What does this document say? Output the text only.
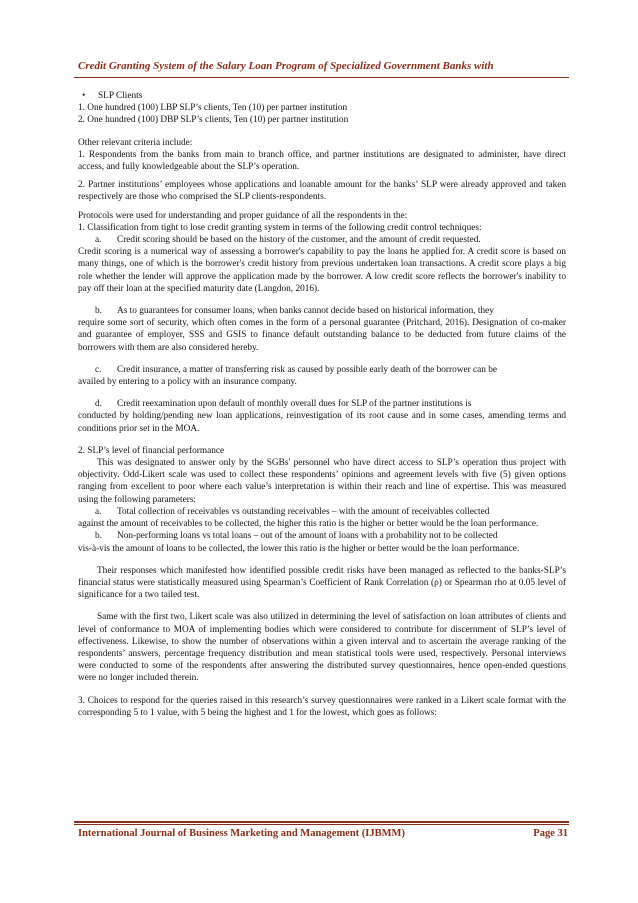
Credit Granting System of the Salary Loan Program of Specialized Government Banks with
•	SLP Clients

1. One hundred (100) LBP SLP’s clients, Ten (10) per partner institution

2. One hundred (100) DBP SLP’s clients, Ten (10) per partner institution

Other relevant criteria include:

1. Respondents from the banks from main to branch office, and partner institutions are designated to administer, have direct access, and fully knowledgeable about the SLP’s operation.

2. Partner institutions’ employees whose applications and loanable amount for the banks’ SLP were already approved and taken respectively are those who comprised the SLP clients-respondents.

Protocols were used for understanding and proper guidance of all the respondents in the:

1. Classification from tight to lose credit granting system in terms of the following credit control techniques:

a.	Credit scoring should be based on the history of the customer, and the amount of credit requested.

Credit scoring is a numerical way of assessing a borrower's capability to pay the loans he applied for. A credit score is based on many things, one of which is the borrower's credit history from previous undertaken loan transactions. A credit score plays a big role whether the lender will approve the application made by the borrower. A low credit score reflects the borrower's inability to pay off their loan at the specified maturity date (Langdon, 2016).

b.	As to guarantees for consumer loans, when banks cannot decide based on historical information, they

require some sort of security, which often comes in the form of a personal guarantee (Pritchard, 2016). Designation of co-maker and guarantee of employer, SSS and GSIS to finance default outstanding balance to be deducted from future claims of the borrowers with them are also considered hereby.

c.	Credit insurance, a matter of transferring risk as caused by possible early death of the borrower can be

availed by entering to a policy with an insurance company.

d.	Credit reexamination upon default of monthly overall dues for SLP of the partner institutions is

conducted by holding/pending new loan applications, reinvestigation of its root cause and in some cases, amending terms and conditions prior set in the MOA.

2. SLP’s level of financial performance

This was designated to answer only by the SGBs' personnel who have direct access to SLP’s operation thus project with objectivity. Odd-Likert scale was used to collect these respondents’ opinions and agreement levels with five (5) given options ranging from excellent to poor where each value’s interpretation is within their reach and line of expertise. This was measured using the following parameters:

a.	Total collection of receivables vs outstanding receivables – with the amount of receivables collected

against the amount of receivables to be collected, the higher this ratio is the higher or better would be the loan performance.

b.	Non-performing loans vs total loans – out of the amount of loans with a probability not to be collected

vis-à-vis the amount of loans to be collected, the lower this ratio is the higher or better would be the loan performance.

Their responses which manifested how identified possible credit risks have been managed as reflected to the banks-SLP’s financial status were statistically measured using Spearman’s Coefficient of Rank Correlation (ρ) or Spearman rho at 0.05 level of significance for a two tailed test.

Same with the first two, Likert scale was also utilized in determining the level of satisfaction on loan attributes of clients and level of conformance to MOA of implementing bodies which were considered to contribute for discernment of SLP’s level of effectiveness. Likewise, to show the number of observations within a given interval and to ascertain the average ranking of the respondents’ answers, percentage frequency distribution and mean statistical tools were used, respectively. Personal interviews were conducted to some of the respondents after answering the distributed survey questionnaires, hence open-ended questions were no longer included therein.

3. Choices to respond for the queries raised in this research’s survey questionnaires were ranked in a Likert scale format with the corresponding 5 to 1 value, with 5 being the highest and 1 for the lowest, which goes as follows:

International Journal of Business Marketing and Management (IJBMM)	Page 31
